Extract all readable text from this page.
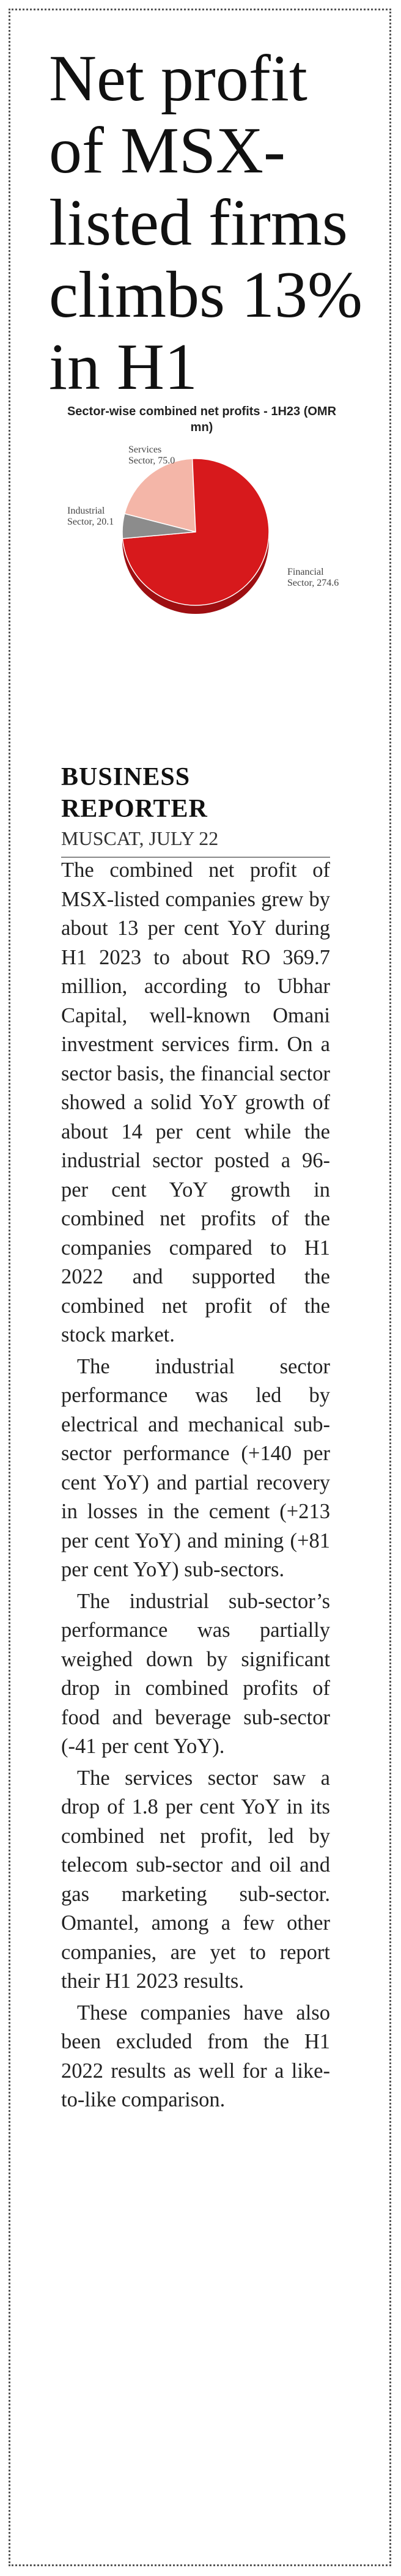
Net profit of MSX-listed firms climbs 13% in H1
Sector-wise combined net profits - 1H23 (OMR mn)
Financial Sector, 274.6
Industrial Sector, 20.1
Services Sector, 75.0
BUSINESS REPORTER
MUSCAT, JULY 22

The combined net profit of MSX-listed companies grew by about 13 per cent YoY during H1 2023 to about RO 369.7 million, according to Ubhar Capital, well-known Omani investment services firm. On a sector basis, the financial sector showed a solid YoY growth of about 14 per cent while the industrial sector posted a 96-per cent YoY growth in combined net profits of the companies compared to H1 2022 and supported the combined net profit of the stock market.

The industrial sector performance was led by electrical and mechanical sub-sector performance (+140 per cent YoY) and partial recovery in losses in the cement (+213 per cent YoY) and mining (+81 per cent YoY) sub-sectors.

The industrial sub-sector’s performance was partially weighed down by significant drop in combined profits of food and beverage sub-sector (-41 per cent YoY).

The services sector saw a drop of 1.8 per cent YoY in its combined net profit, led by telecom sub-sector and oil and gas marketing sub-sector. Omantel, among a few other companies, are yet to report their H1 2023 results.

These companies have also been excluded from the H1 2022 results as well for a like-to-like comparison.
